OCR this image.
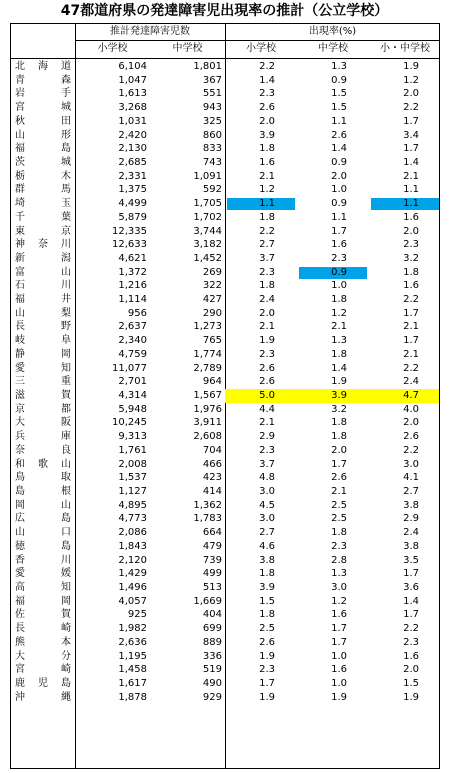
47都道府県の発達障害児出現率の推計（公立学校）
推計発達障害児数	出現率(%)
小学校	中学校	小学校	中学校	小・中学校
北海道	6,104	1,801	2.2	1.3	1.9
青森	1,047	367	1.4	0.9	1.2
岩手	1,613	551	2.3	1.5	2.0
宮城	3,268	943	2.6	1.5	2.2
秋田	1,031	325	2.0	1.1	1.7
山形	2,420	860	3.9	2.6	3.4
福島	2,130	833	1.8	1.4	1.7
茨城	2,685	743	1.6	0.9	1.4
栃木	2,331	1,091	2.1	2.0	2.1
群馬	1,375	592	1.2	1.0	1.1
埼玉	4,499	1,705	1.1	0.9	1.1
千葉	5,879	1,702	1.8	1.1	1.6
東京	12,335	3,744	2.2	1.7	2.0
神奈川	12,633	3,182	2.7	1.6	2.3
新潟	4,621	1,452	3.7	2.3	3.2
富山	1,372	269	2.3	0.9	1.8
石川	1,216	322	1.8	1.0	1.6
福井	1,114	427	2.4	1.8	2.2
山梨	956	290	2.0	1.2	1.7
長野	2,637	1,273	2.1	2.1	2.1
岐阜	2,340	765	1.9	1.3	1.7
静岡	4,759	1,774	2.3	1.8	2.1
愛知	11,077	2,789	2.6	1.4	2.2
三重	2,701	964	2.6	1.9	2.4
滋賀	4,314	1,567	5.0	3.9	4.7
京都	5,948	1,976	4.4	3.2	4.0
大阪	10,245	3,911	2.1	1.8	2.0
兵庫	9,313	2,608	2.9	1.8	2.6
奈良	1,761	704	2.3	2.0	2.2
和歌山	2,008	466	3.7	1.7	3.0
鳥取	1,537	423	4.8	2.6	4.1
島根	1,127	414	3.0	2.1	2.7
岡山	4,895	1,362	4.5	2.5	3.8
広島	4,773	1,783	3.0	2.5	2.9
山口	2,086	664	2.7	1.8	2.4
徳島	1,843	479	4.6	2.3	3.8
香川	2,120	739	3.8	2.8	3.5
愛媛	1,429	499	1.8	1.3	1.7
高知	1,496	513	3.9	3.0	3.6
福岡	4,057	1,669	1.5	1.2	1.4
佐賀	925	404	1.8	1.6	1.7
長崎	1,982	699	2.5	1.7	2.2
熊本	2,636	889	2.6	1.7	2.3
大分	1,195	336	1.9	1.0	1.6
宮崎	1,458	519	2.3	1.6	2.0
鹿児島	1,617	490	1.7	1.0	1.5
沖縄	1,878	929	1.9	1.9	1.9
